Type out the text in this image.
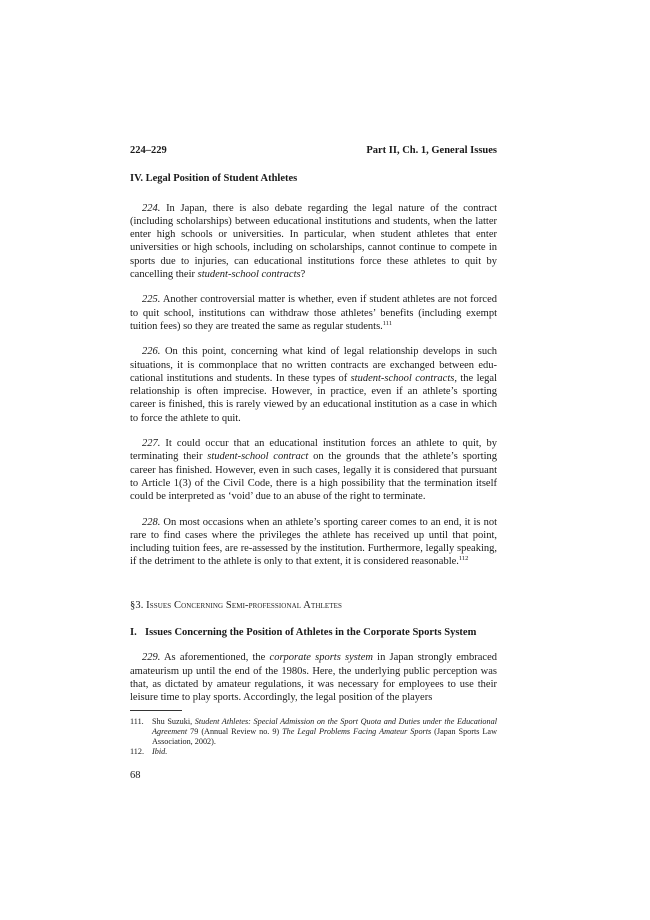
224–229	Part II, Ch. 1, General Issues
IV. Legal Position of Student Athletes

224. In Japan, there is also debate regarding the legal nature of the contract (including scholarships) between educational institutions and students, when the latter enter high schools or universities. In particular, when student athletes that enter universities or high schools, including on scholarships, cannot continue to compete in sports due to injuries, can educational institutions force these athletes to quit by cancelling their student-school contracts?

225. Another controversial matter is whether, even if student athletes are not forced to quit school, institutions can withdraw those athletes’ benefits (including exempt tuition fees) so they are treated the same as regular students.$^{111}$

226. On this point, concerning what kind of legal relationship develops in such situations, it is commonplace that no written contracts are exchanged between educational institutions and students. In these types of student-school contracts, the legal relationship is often imprecise. However, in practice, even if an athlete’s sporting career is finished, this is rarely viewed by an educational institution as a case in which to force the athlete to quit.

227. It could occur that an educational institution forces an athlete to quit, by terminating their student-school contract on the grounds that the athlete’s sporting career has finished. However, even in such cases, legally it is considered that pursuant to Article 1(3) of the Civil Code, there is a high possibility that the termination itself could be interpreted as ‘void’ due to an abuse of the right to terminate.

228. On most occasions when an athlete’s sporting career comes to an end, it is not rare to find cases where the privileges the athlete has received up until that point, including tuition fees, are re-assessed by the institution. Furthermore, legally speaking, if the detriment to the athlete is only to that extent, it is considered reasonable.$^{112}$

§3. Issues Concerning Semi-professional Athletes
I. Issues Concerning the Position of Athletes in the Corporate Sports System

229. As aforementioned, the corporate sports system in Japan strongly embraced amateurism up until the end of the 1980s. Here, the underlying public perception was that, as dictated by amateur regulations, it was necessary for employees to use their leisure time to play sports. Accordingly, the legal position of the players

111.	Shu Suzuki, Student Athletes: Special Admission on the Sport Quota and Duties under the Educational Agreement 79 (Annual Review no. 9) The Legal Problems Facing Amateur Sports (Japan Sports Law Association, 2002).
112. Ibid.
68
